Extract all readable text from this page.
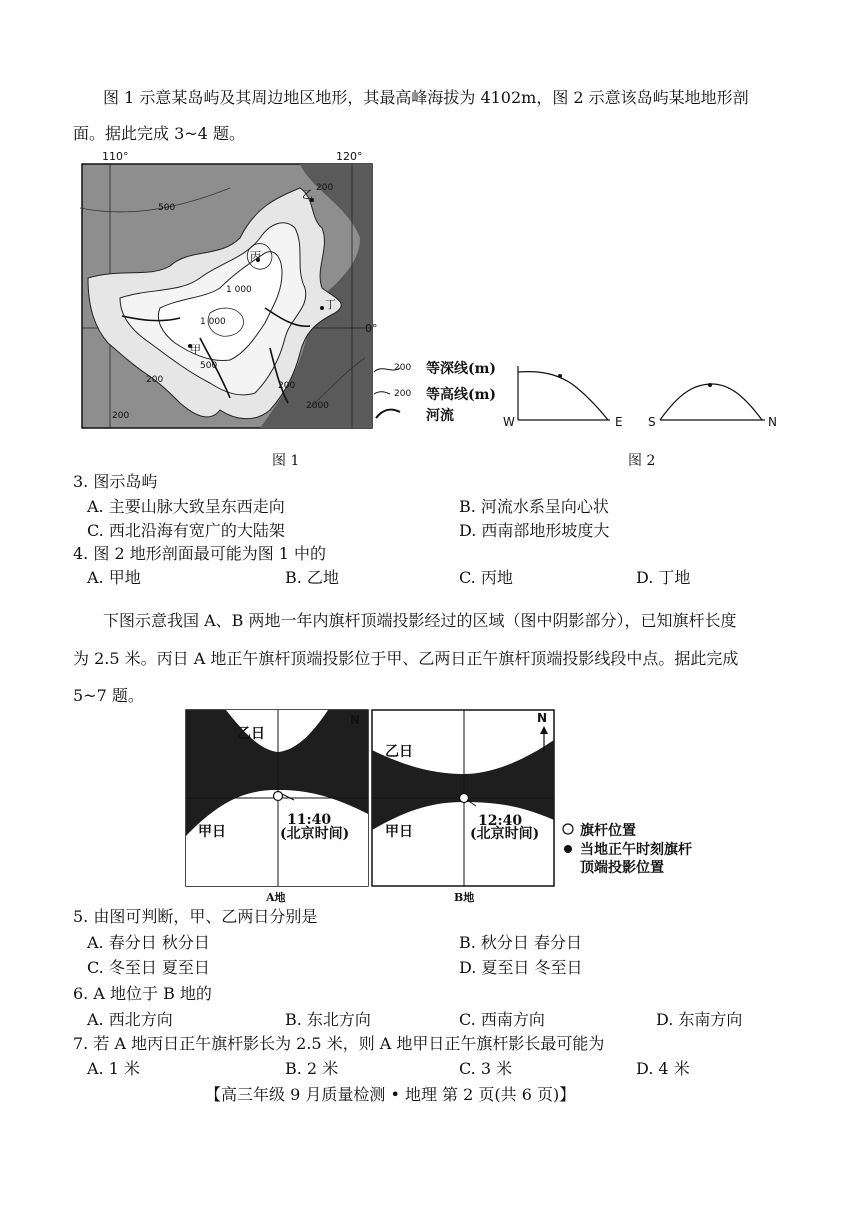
图 1 示意某岛屿及其周边地区地形，其最高峰海拔为 4102m，图 2 示意该岛屿某地地形剖
面。据此完成 3~4 题。
110°	120°
乙
丙
甲
丁
200
500
1 000
1 000
500
200
200
2000
200
0°
图 1
200
200
等深线(m)
等高线(m)
河流	W	E S	N
图 2
3. 图示岛屿
A. 主要山脉大致呈东西走向	B. 河流水系呈向心状
C. 西北沿海有宽广的大陆架	D. 西南部地形坡度大
4. 图 2 地形剖面最可能为图 1 中的
A. 甲地	B. 乙地	C. 丙地	D. 丁地
下图示意我国 A、B 两地一年内旗杆顶端投影经过的区域（图中阴影部分），已知旗杆长度
为 2.5 米。丙日 A 地正午旗杆顶端投影位于甲、乙两日正午旗杆顶端投影线段中点。据此完成
5~7 题。
N
乙日
甲日
11:40
(北京时间)
A地
N
乙日
甲日
12:40
(北京时间)
B地
旗杆位置
当地正午时刻旗杆
顶端投影位置
5. 由图可判断，甲、乙两日分别是
A. 春分日 秋分日	B. 秋分日 春分日
C. 冬至日 夏至日	D. 夏至日 冬至日
6. A 地位于 B 地的
A. 西北方向	B. 东北方向	C. 西南方向	D. 东南方向
7. 若 A 地丙日正午旗杆影长为 2.5 米，则 A 地甲日正午旗杆影长最可能为
A. 1 米	B. 2 米	C. 3 米	D. 4 米
【高三年级 9 月质量检测 • 地理 第 2 页(共 6 页)】
